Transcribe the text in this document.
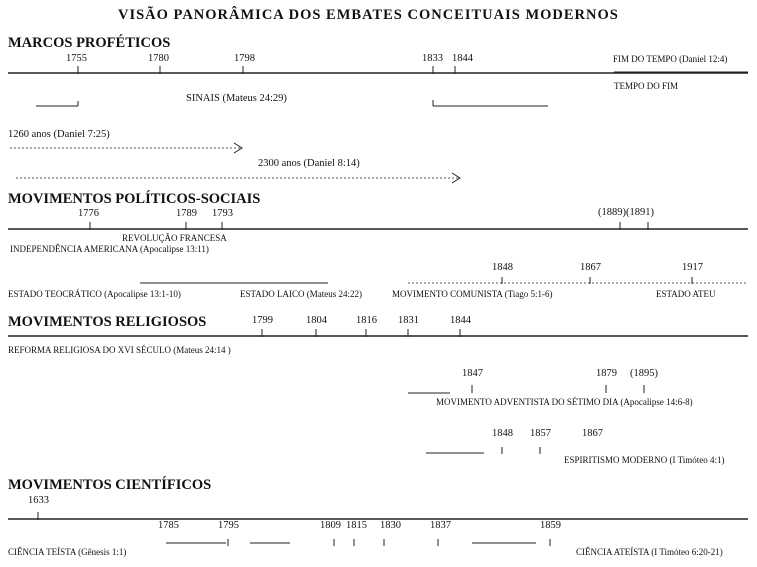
VISÃO PANORÂMICA DOS EMBATES CONCEITUAIS MODERNOS
MARCOS PROFÉTICOS
1755	1780	1798	1833 1844	FIM DO TEMPO (Daniel 12:4)
TEMPO DO FIM
SINAIS (Mateus 24:29)
1260 anos (Daniel 7:25)
2300 anos (Daniel 8:14)
MOVIMENTOS POLÍTICOS-SOCIAIS
1776	1789 1793	(1889)(1891)
REVOLUÇÃO FRANCESA
INDEPENDÊNCIA AMERICANA (Apocalipse 13:11)
1848	1867	1917
ESTADO TEOCRÁTICO (Apocalipse 13:1-10)	ESTADO LAICO (Mateus 24:22)	MOVIMENTO COMUNISTA (Tiago 5:1-6)	ESTADO ATEU
MOVIMENTOS RELIGIOSOS	1799	1804	1816 1831	1844
REFORMA RELIGIOSA DO XVI SÉCULO (Mateus 24:14 )
1847	1879 (1895)
MOVIMENTO ADVENTISTA DO SÉTIMO DIA (Apocalipse 14:6-8)
1848 1857	1867
ESPIRITISMO MODERNO (I Timóteo 4:1)
MOVIMENTOS CIENTÍFICOS
1633
1785	1795	1809 1815 1830	1837	1859
CIÊNCIA TEÍSTA (Gênesis 1:1)	CIÊNCIA ATEÍSTA (I Timóteo 6:20-21)
